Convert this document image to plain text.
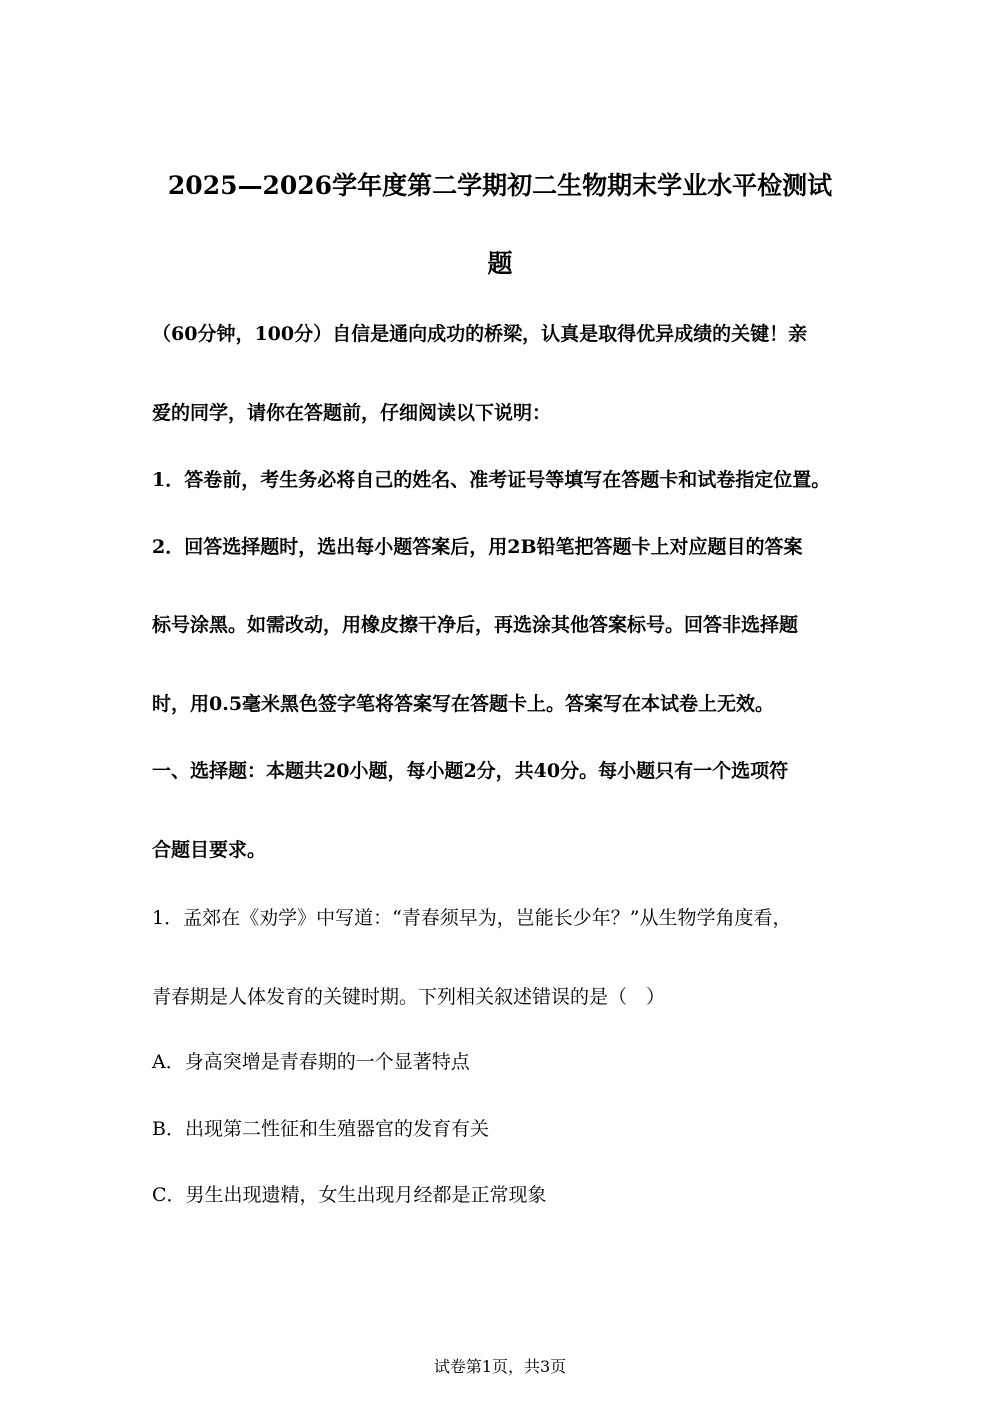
2025—2026学年度第二学期初二生物期末学业水平检测试
题
（60分钟，100分）自信是通向成功的桥梁，认真是取得优异成绩的关键！亲
爱的同学，请你在答题前，仔细阅读以下说明：
1．答卷前，考生务必将自己的姓名、准考证号等填写在答题卡和试卷指定位置。
2．回答选择题时，选出每小题答案后，用2B铅笔把答题卡上对应题目的答案
标号涂黑。如需改动，用橡皮擦干净后，再选涂其他答案标号。回答非选择题
时，用0.5毫米黑色签字笔将答案写在答题卡上。答案写在本试卷上无效。
一、选择题：本题共20小题，每小题2分，共40分。每小题只有一个选项符
合题目要求。
1．孟郊在《劝学》中写道：“青春须早为，岂能长少年？”从生物学角度看，
青春期是人体发育的关键时期。下列相关叙述错误的是（　）
A．身高突增是青春期的一个显著特点
B．出现第二性征和生殖器官的发育有关
C．男生出现遗精，女生出现月经都是正常现象
试卷第1页，共3页
